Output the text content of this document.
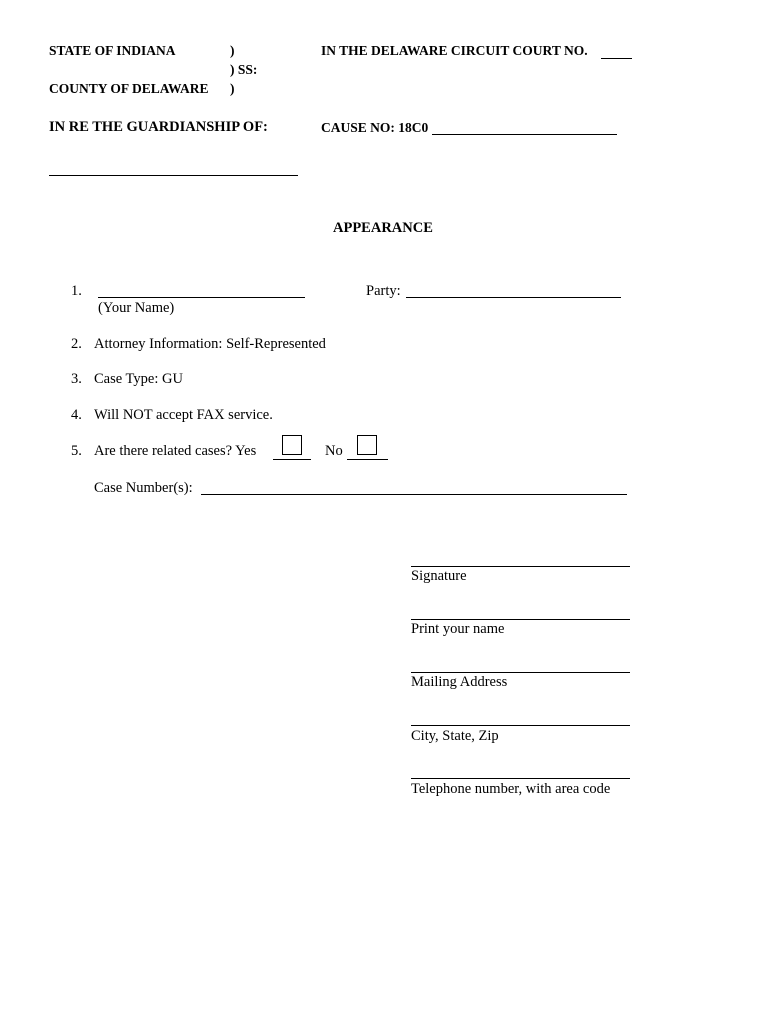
STATE OF INDIANA	)
) SS:
COUNTY OF DELAWARE )
IN THE DELAWARE CIRCUIT COURT NO.
IN RE THE GUARDIANSHIP OF:	CAUSE NO: 18C0
APPEARANCE
1.
(Your Name)
Party:
2. Attorney Information: Self-Represented
3. Case Type: GU
4. Will NOT accept FAX service.
5. Are there related cases? Yes	No
Case Number(s):
Signature
Print your name
Mailing Address
City, State, Zip
Telephone number, with area code
